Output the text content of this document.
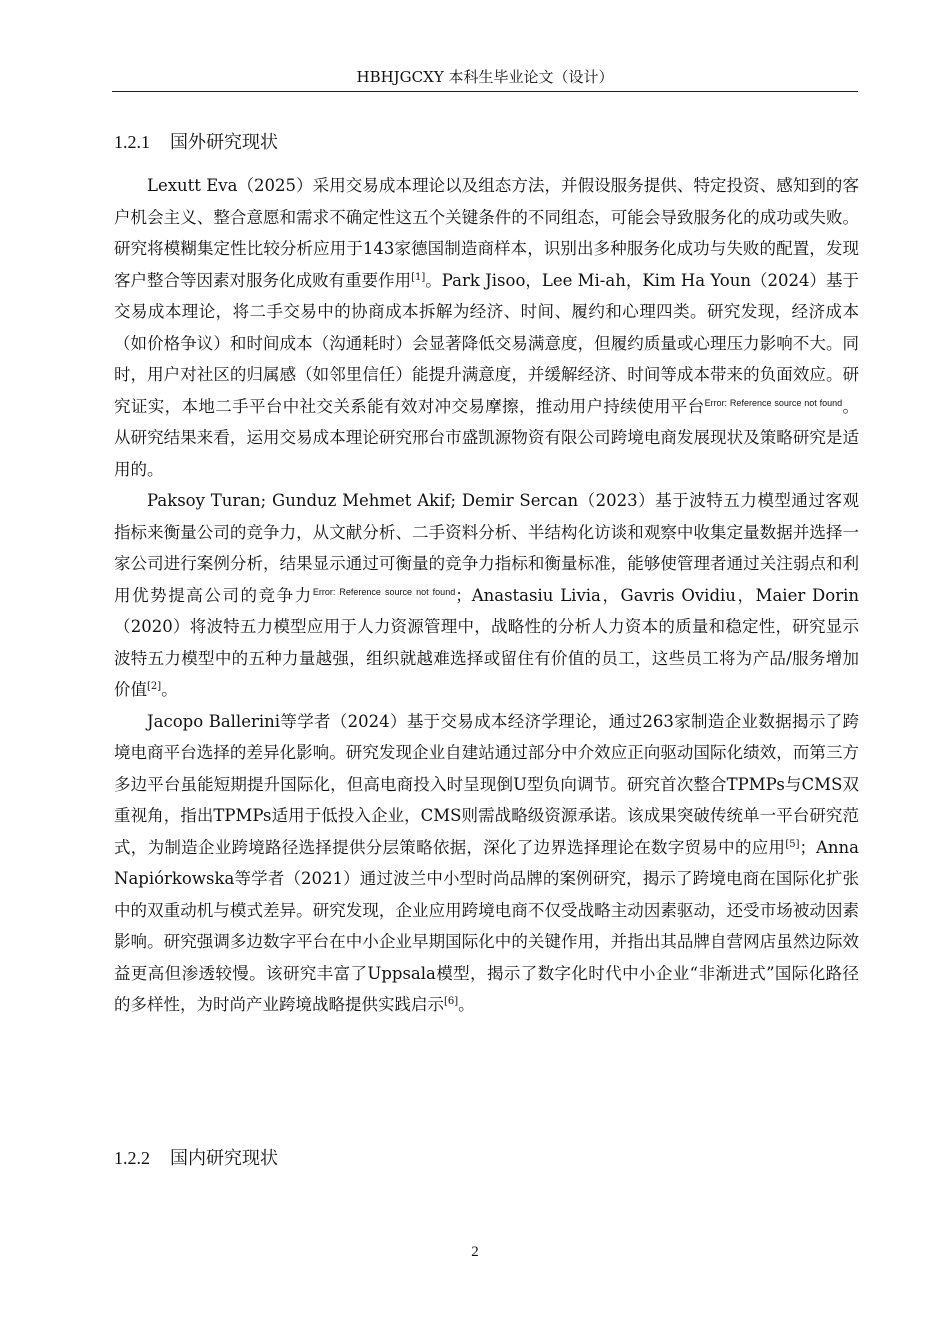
HBHJGCXY 本科生毕业论文（设计）
1.2.1 国外研究现状

Lexutt Eva（2025）采用交易成本理论以及组态方法，并假设服务提供、特定投资、感知到的客户机会主义、整合意愿和需求不确定性这五个关键条件的不同组态，可能会导致服务化的成功或失败。研究将模糊集定性比较分析应用于143家德国制造商样本，识别出多种服务化成功与失败的配置，发现客户整合等因素对服务化成败有重要作用[1]。Park Jisoo，Lee Mi-ah，Kim Ha Youn（2024）基于交易成本理论，将二手交易中的协商成本拆解为经济、时间、履约和心理四类。研究发现，经济成本（如价格争议）和时间成本（沟通耗时）会显著降低交易满意度，但履约质量或心理压力影响不大。同时，用户对社区的归属感（如邻里信任）能提升满意度，并缓解经济、时间等成本带来的负面效应。研究证实，本地二手平台中社交关系能有效对冲交易摩擦，推动用户持续使用平台$^{Error: Reference source not found}$。从研究结果来看，运用交易成本理论研究邢台市盛凯源物资有限公司跨境电商发展现状及策略研究是适用的。

Paksoy Turan; Gunduz Mehmet Akif; Demir Sercan（2023）基于波特五力模型通过客观指标来衡量公司的竞争力，从文献分析、二手资料分析、半结构化访谈和观察中收集定量数据并选择一家公司进行案例分析，结果显示通过可衡量的竞争力指标和衡量标准，能够使管理者通过关注弱点和利用优势提高公司的竞争力$^{Error: Reference source not found}$；Anastasiu Livia，Gavris Ovidiu，Maier Dorin（2020）将波特五力模型应用于人力资源管理中，战略性的分析人力资本的质量和稳定性，研究显示波特五力模型中的五种力量越强，组织就越难选择或留住有价值的员工，这些员工将为产品/服务增加价值[2]。

Jacopo Ballerini等学者（2024）基于交易成本经济学理论，通过263家制造企业数据揭示了跨境电商平台选择的差异化影响。研究发现企业自建站通过部分中介效应正向驱动国际化绩效，而第三方多边平台虽能短期提升国际化，但高电商投入时呈现倒U型负向调节。研究首次整合TPMPs与CMS双重视角，指出TPMPs适用于低投入企业，CMS则需战略级资源承诺。该成果突破传统单一平台研究范式，为制造企业跨境路径选择提供分层策略依据，深化了边界选择理论在数字贸易中的应用[5]；Anna Napiórkowska等学者（2021）通过波兰中小型时尚品牌的案例研究，揭示了跨境电商在国际化扩张中的双重动机与模式差异。研究发现，企业应用跨境电商不仅受战略主动因素驱动，还受市场被动因素影响。研究强调多边数字平台在中小企业早期国际化中的关键作用，并指出其品牌自营网店虽然边际效益更高但渗透较慢。该研究丰富了Uppsala模型，揭示了数字化时代中小企业“非渐进式”国际化路径的多样性，为时尚产业跨境战略提供实践启示[6]。

1.2.2 国内研究现状
2
